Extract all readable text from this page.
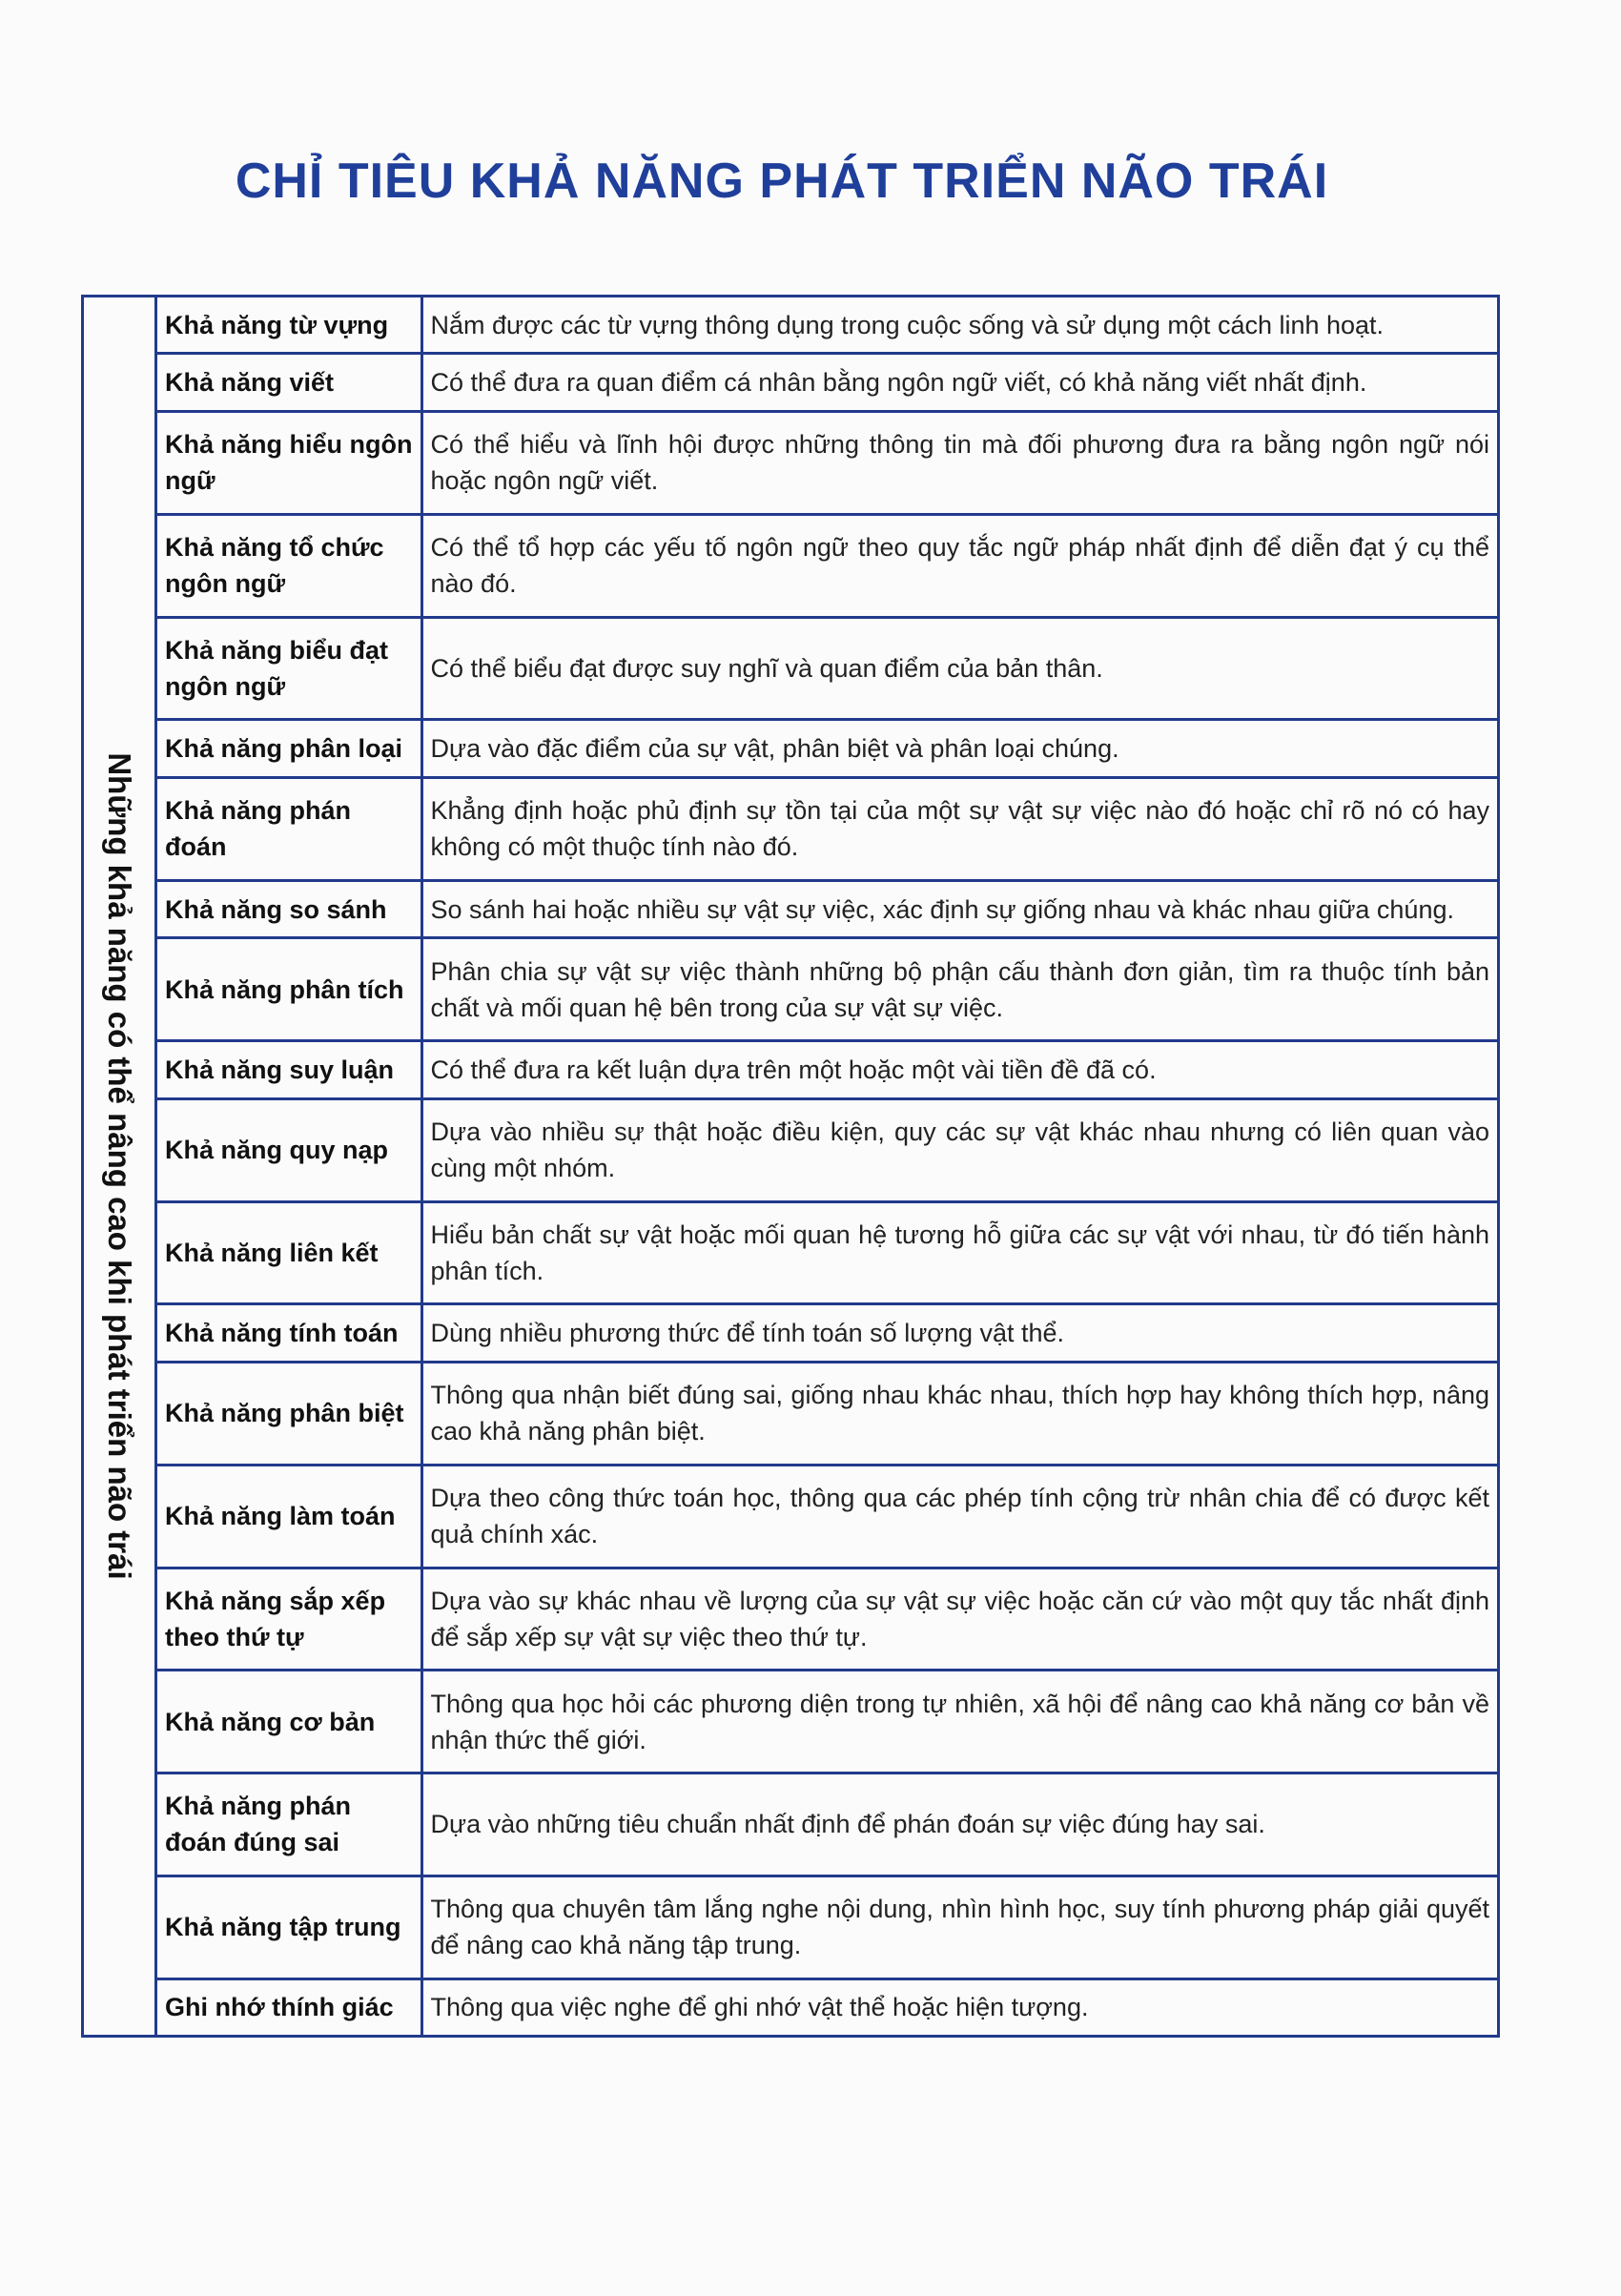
CHỈ TIÊU KHẢ NĂNG PHÁT TRIỂN NÃO TRÁI
Những khả năng có thể nâng cao khi phát triển não trái
Khả năng từ vựng	Nắm được các từ vựng thông dụng trong cuộc sống và sử dụng một cách linh hoạt.
Khả năng viết	Có thể đưa ra quan điểm cá nhân bằng ngôn ngữ viết, có khả năng viết nhất định.
Khả năng hiểu ngôn ngữ	Có thể hiểu và lĩnh hội được những thông tin mà đối phương đưa ra bằng ngôn ngữ nói hoặc ngôn ngữ viết.
Khả năng tổ chức ngôn ngữ	Có thể tổ hợp các yếu tố ngôn ngữ theo quy tắc ngữ pháp nhất định để diễn đạt ý cụ thể nào đó.
Khả năng biểu đạt ngôn ngữ	Có thể biểu đạt được suy nghĩ và quan điểm của bản thân.
Khả năng phân loại	Dựa vào đặc điểm của sự vật, phân biệt và phân loại chúng.
Khả năng phán đoán	Khẳng định hoặc phủ định sự tồn tại của một sự vật sự việc nào đó hoặc chỉ rõ nó có hay không có một thuộc tính nào đó.
Khả năng so sánh	So sánh hai hoặc nhiều sự vật sự việc, xác định sự giống nhau và khác nhau giữa chúng.
Khả năng phân tích	Phân chia sự vật sự việc thành những bộ phận cấu thành đơn giản, tìm ra thuộc tính bản chất và mối quan hệ bên trong của sự vật sự việc.
Khả năng suy luận	Có thể đưa ra kết luận dựa trên một hoặc một vài tiền đề đã có.
Khả năng quy nạp	Dựa vào nhiều sự thật hoặc điều kiện, quy các sự vật khác nhau nhưng có liên quan vào cùng một nhóm.
Khả năng liên kết	Hiểu bản chất sự vật hoặc mối quan hệ tương hỗ giữa các sự vật với nhau, từ đó tiến hành phân tích.
Khả năng tính toán	Dùng nhiều phương thức để tính toán số lượng vật thể.
Khả năng phân biệt	Thông qua nhận biết đúng sai, giống nhau khác nhau, thích hợp hay không thích hợp, nâng cao khả năng phân biệt.
Khả năng làm toán	Dựa theo công thức toán học, thông qua các phép tính cộng trừ nhân chia để có được kết quả chính xác.
Khả năng sắp xếp theo thứ tự	Dựa vào sự khác nhau về lượng của sự vật sự việc hoặc căn cứ vào một quy tắc nhất định để sắp xếp sự vật sự việc theo thứ tự.
Khả năng cơ bản	Thông qua học hỏi các phương diện trong tự nhiên, xã hội để nâng cao khả năng cơ bản về nhận thức thế giới.
Khả năng phán đoán đúng sai	Dựa vào những tiêu chuẩn nhất định để phán đoán sự việc đúng hay sai.
Khả năng tập trung	Thông qua chuyên tâm lắng nghe nội dung, nhìn hình học, suy tính phương pháp giải quyết để nâng cao khả năng tập trung.
Ghi nhớ thính giác	Thông qua việc nghe để ghi nhớ vật thể hoặc hiện tượng.
